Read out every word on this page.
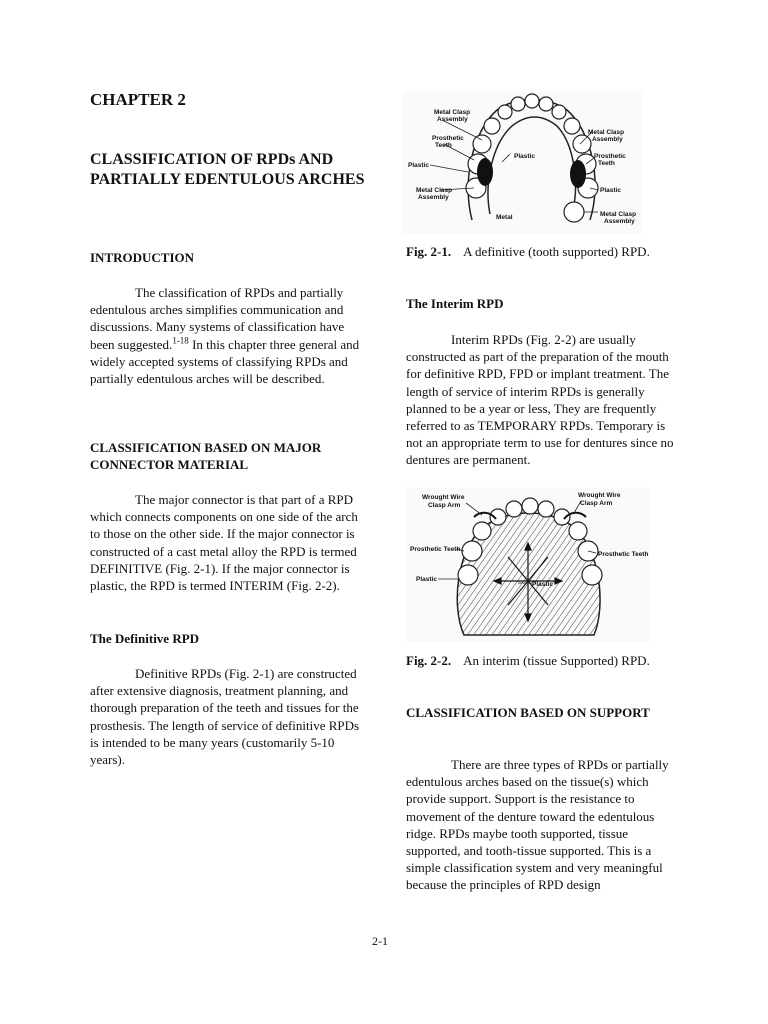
CHAPTER 2
CLASSIFICATION OF RPDs AND PARTIALLY EDENTULOUS ARCHES
INTRODUCTION

The classification of RPDs and partially edentulous arches simplifies communication and discussions. Many systems of classification have been suggested.$^{1-18}$ In this chapter three general and widely accepted systems of classifying RPDs and partially edentulous arches will be described.

CLASSIFICATION BASED ON MAJOR CONNECTOR MATERIAL

The major connector is that part of a RPD which connects components on one side of the arch to those on the other side. If the major connector is constructed of a cast metal alloy the RPD is termed DEFINITIVE (Fig. 2-1). If the major connector is plastic, the RPD is termed INTERIM (Fig. 2-2).

The Definitive RPD

Definitive RPDs (Fig. 2-1) are constructed after extensive diagnosis, treatment planning, and thorough preparation of the teeth and tissues for the prosthesis. The length of service of definitive RPDs is intended to be many years (customarily 5-10 years).

Metal Clasp
Assembly
Prosthetic
Teeth
Plastic
Metal Clasp
Assembly
Metal
Plastic
Metal Clasp
Assembly
Prosthetic
Teeth
Plastic
Metal Clasp
Assembly

Fig. 2-1. A definitive (tooth supported) RPD.

The Interim RPD

Interim RPDs (Fig. 2-2) are usually constructed as part of the preparation of the mouth for definitive RPD, FPD or implant treatment. The length of service of interim RPDs is generally planned to be a year or less, They are frequently referred to as TEMPORARY RPDs. Temporary is not an appropriate term to use for dentures since no dentures are permanent.

Fig. 2-2. An interim (tissue Supported) RPD.

CLASSIFICATION BASED ON SUPPORT

There are three types of RPDs or partially edentulous arches based on the tissue(s) which provide support. Support is the resistance to movement of the denture toward the edentulous ridge. RPDs maybe tooth supported, tissue supported, and tooth-tissue supported. This is a simple classification system and very meaningful because the principles of RPD design

Wrought Wire
Clasp Arm
Wrought Wire
Clasp Arm
Prosthetic Teeth
Prosthetic Teeth
Plastic
Plastic
2-1
